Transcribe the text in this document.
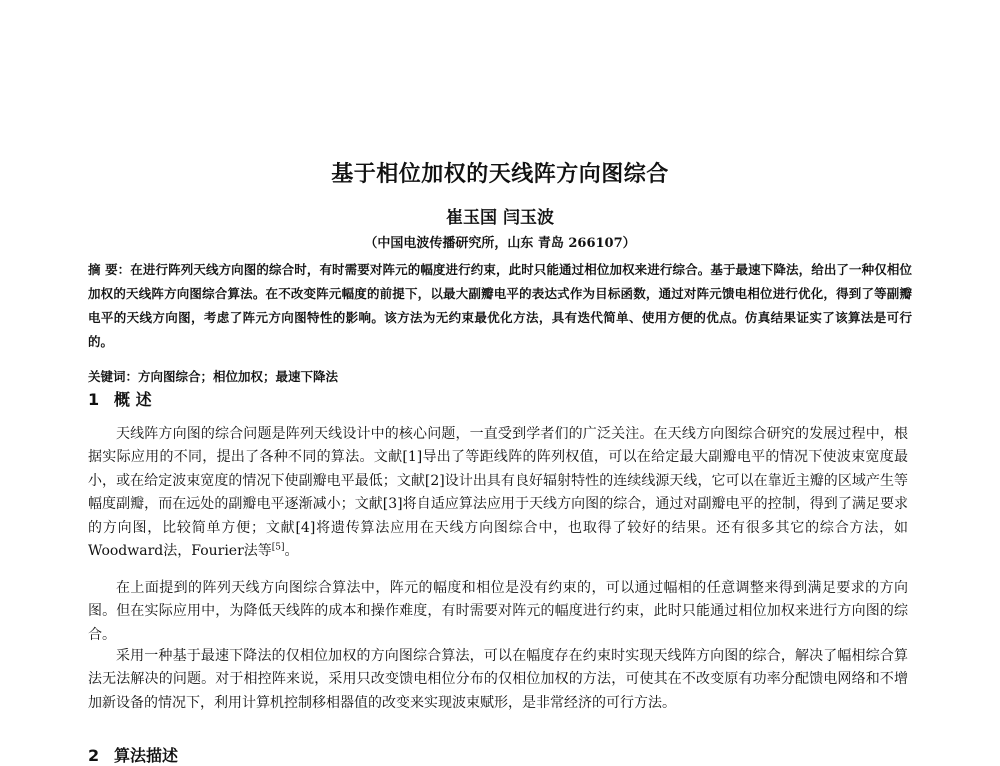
基于相位加权的天线阵方向图综合
崔玉国 闫玉波
（中国电波传播研究所，山东 青岛 266107）
摘 要：在进行阵列天线方向图的综合时，有时需要对阵元的幅度进行约束，此时只能通过相位加权来进行综合。基于最速下降法，给出了一种仅相位加权的天线阵方向图综合算法。在不改变阵元幅度的前提下，以最大副瓣电平的表达式作为目标函数，通过对阵元馈电相位进行优化，得到了等副瓣电平的天线方向图，考虑了阵元方向图特性的影响。该方法为无约束最优化方法，具有迭代简单、使用方便的优点。仿真结果证实了该算法是可行的。
关键词：方向图综合；相位加权；最速下降法
1 概 述
天线阵方向图的综合问题是阵列天线设计中的核心问题，一直受到学者们的广泛关注。在天线方向图综合研究的发展过程中，根据实际应用的不同，提出了各种不同的算法。文献[1]导出了等距线阵的阵列权值，可以在给定最大副瓣电平的情况下使波束宽度最小，或在给定波束宽度的情况下使副瓣电平最低；文献[2]设计出具有良好辐射特性的连续线源天线，它可以在靠近主瓣的区域产生等幅度副瓣，而在远处的副瓣电平逐渐减小；文献[3]将自适应算法应用于天线方向图的综合，通过对副瓣电平的控制，得到了满足要求的方向图，比较简单方便；文献[4]将遗传算法应用在天线方向图综合中，也取得了较好的结果。还有很多其它的综合方法，如Woodward法，Fourier法等[5]。
在上面提到的阵列天线方向图综合算法中，阵元的幅度和相位是没有约束的，可以通过幅相的任意调整来得到满足要求的方向图。但在实际应用中，为降低天线阵的成本和操作难度，有时需要对阵元的幅度进行约束，此时只能通过相位加权来进行方向图的综合。
采用一种基于最速下降法的仅相位加权的方向图综合算法，可以在幅度存在约束时实现天线阵方向图的综合，解决了幅相综合算法无法解决的问题。对于相控阵来说，采用只改变馈电相位分布的仅相位加权的方法，可使其在不改变原有功率分配馈电网络和不增加新设备的情况下，利用计算机控制移相器值的改变来实现波束赋形，是非常经济的可行方法。
2 算法描述
